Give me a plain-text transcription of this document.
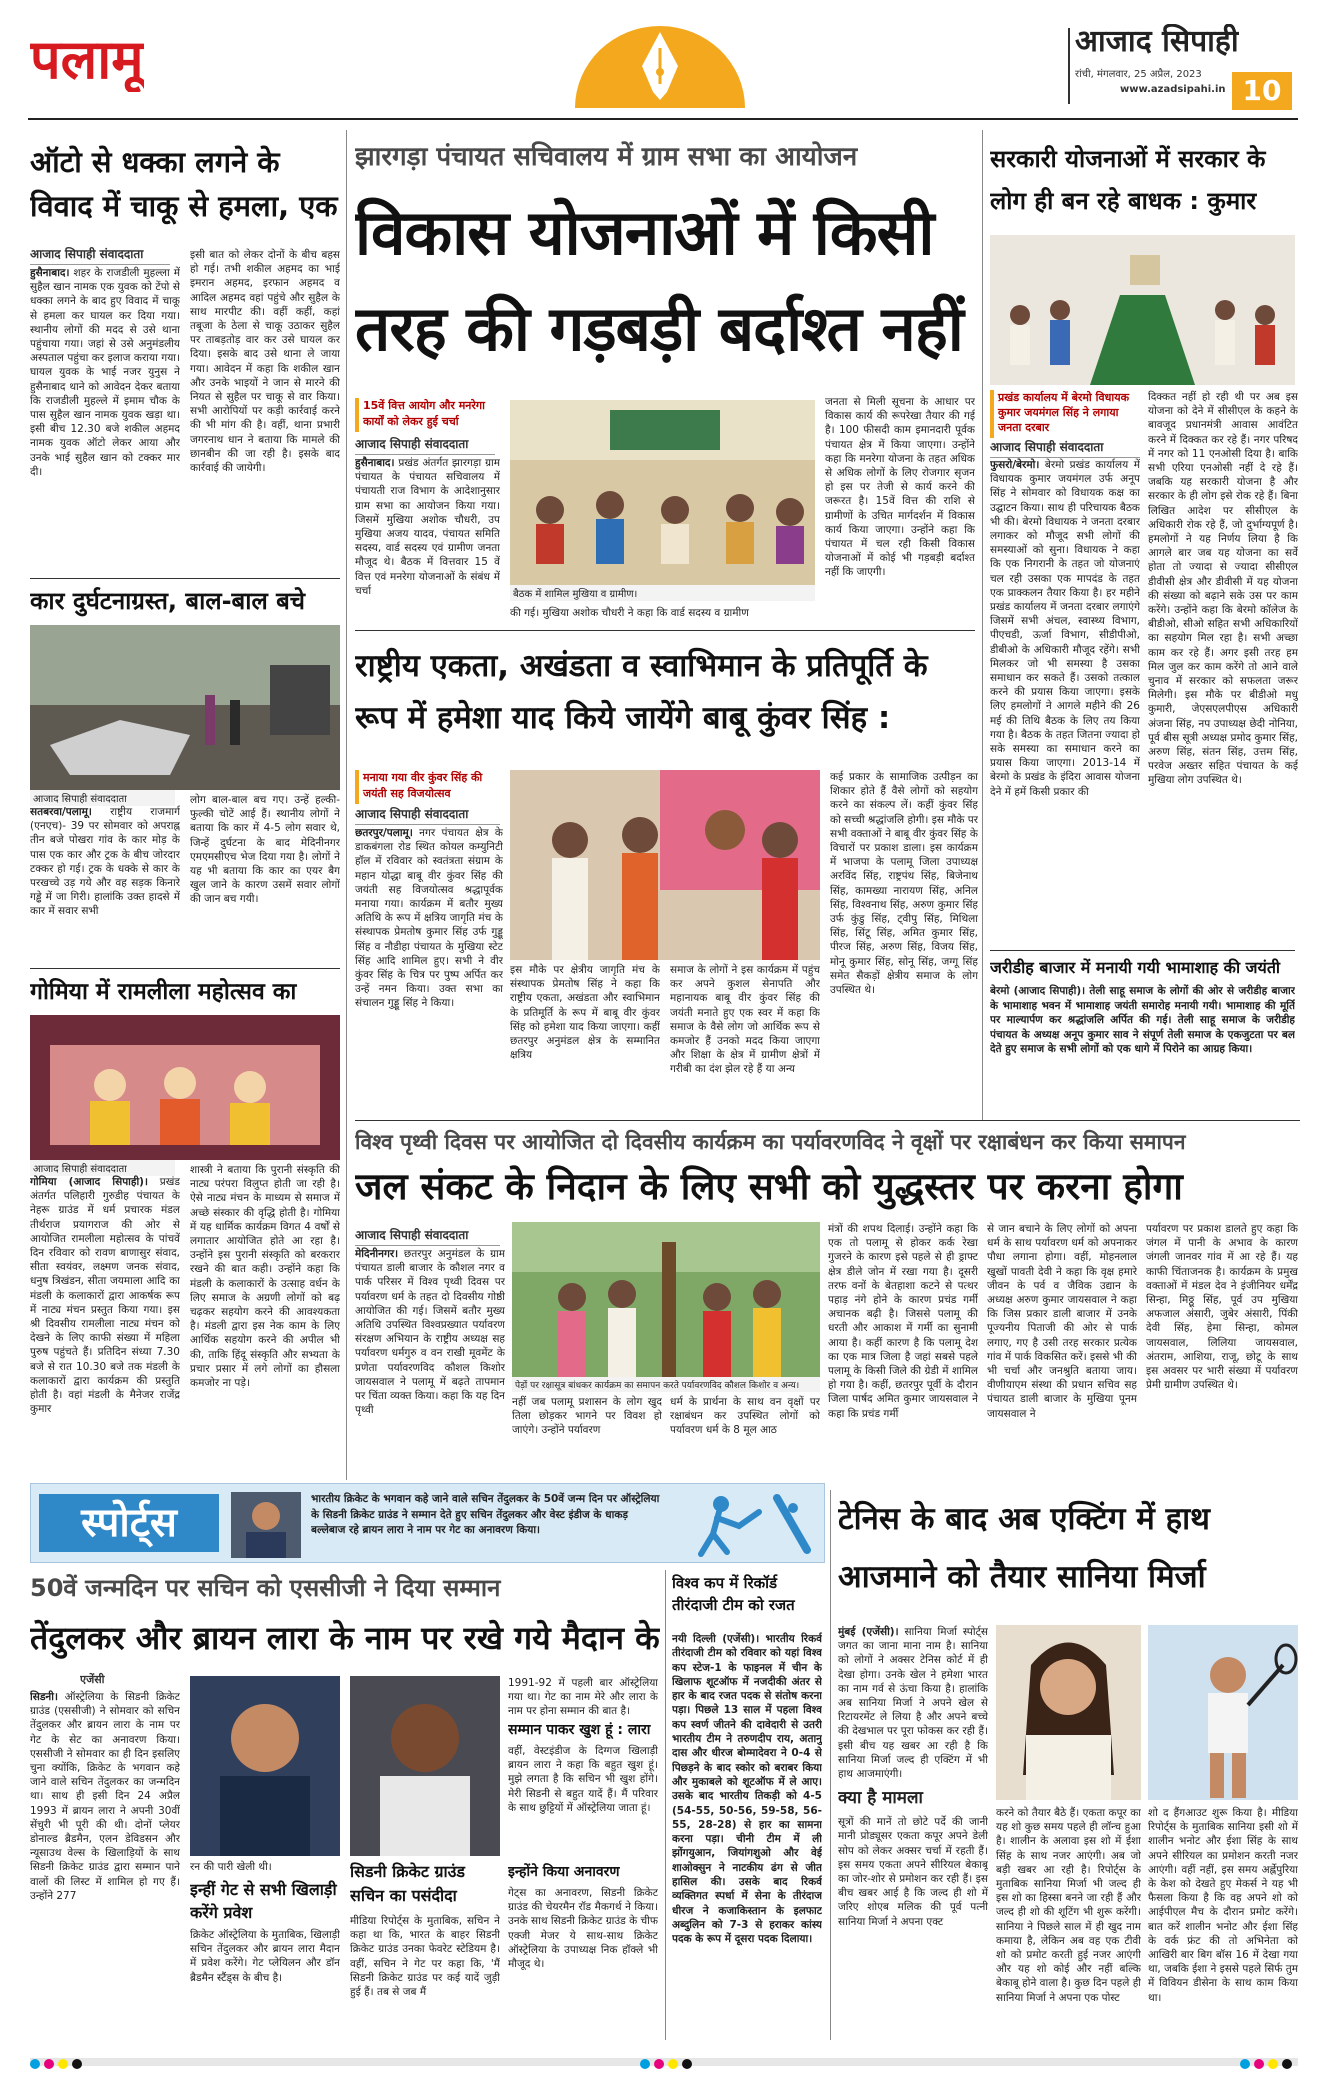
पलामू	आजाद सिपाही
रांची, मंगलवार, 25 अप्रैल, 2023
www.azadsipahi.in 10
ऑटो से धक्का लगने के विवाद में चाकू से हमला, एक
आजाद सिपाही संवाददाता
हुसैनाबाद। शहर के राजडीली मुहल्ला में सुहैल खान नामक एक युवक को टेंपो से धक्का लगने के बाद हुए विवाद में चाकू से हमला कर घायल कर दिया गया। स्थानीय लोगों की मदद से उसे थाना पहुंचाया गया। जहां से उसे अनुमंडलीय अस्पताल पहुंचा कर इलाज कराया गया। घायल युवक के भाई नजर युनुस ने हुसैनाबाद थाने को आवेदन देकर बताया कि राजडीली मुहल्ले में इमाम चौक के पास सुहैल खान नामक युवक खड़ा था। इसी बीच 12.30 बजे शकील अहमद नामक युवक ऑटो लेकर आया और उनके भाई सुहैल खान को टक्कर मार दी।
इसी बात को लेकर दोनों के बीच बहस हो गई। तभी शकील अहमद का भाई इमरान अहमद, इरफान अहमद व आदिल अहमद वहां पहुंचे और सुहैल के साथ मारपीट की। वहीं कहीं, कहां तबूजा के ठेला से चाकू उठाकर सुहैल पर ताबड़तोड़ वार कर उसे घायल कर दिया। इसके बाद उसे थाना ले जाया गया। आवेदन में कहा कि शकील खान और उनके भाइयों ने जान से मारने की नियत से सुहैल पर चाकू से वार किया। सभी आरोपियों पर कड़ी कार्रवाई करने की भी मांग की है। वहीं, थाना प्रभारी जगरनाथ धान ने बताया कि मामले की छानबीन की जा रही है। इसके बाद कार्रवाई की जायेगी।
कार दुर्घटनाग्रस्त, बाल-बाल बचे
आजाद सिपाही संवाददाता
सतबरवा/पलामू। राष्ट्रीय राजमार्ग (एनएच)- 39 पर सोमवार को अपराह्न तीन बजे पोखरा गांव के कार मोड़ के पास एक कार और ट्रक के बीच जोरदार टक्कर हो गई। ट्रक के धक्के से कार के परखच्चे उड़ गये और वह सड़क किनारे गड्ढे में जा गिरी। हालांकि उक्त हादसे में कार में सवार सभी
लोग बाल-बाल बच गए। उन्हें हल्की-फुल्की चोटें आई हैं। स्थानीय लोगों ने बताया कि कार में 4-5 लोग सवार थे, जिन्हें दुर्घटना के बाद मेदिनीनगर एमएमसीएच भेज दिया गया है। लोगों ने यह भी बताया कि कार का एयर बैग खुल जाने के कारण उसमें सवार लोगों की जान बच गयी।
गोमिया में रामलीला महोत्सव का
आजाद सिपाही संवाददाता
गोमिया (आजाद सिपाही)। प्रखंड अंतर्गत पलिहारी गुरुडीह पंचायत के नेहरू ग्राउंड में धर्म प्रचारक मंडल तीर्थराज प्रयागराज की ओर से आयोजित रामलीला महोत्सव के पांचवें दिन रविवार को रावण बाणासुर संवाद, सीता स्वयंवर, लक्ष्मण जनक संवाद, धनुष त्रिखंडन, सीता जयमाला आदि का मंडली के कलाकारों द्वारा आकर्षक रूप में नाट्य मंचन प्रस्तुत किया गया। इस श्री दिवसीय रामलीला नाट्य मंचन को देखने के लिए काफी संख्या में महिला पुरुष पहुंचते हैं। प्रतिदिन संध्या 7.30 बजे से रात 10.30 बजे तक मंडली के कलाकारों द्वारा कार्यक्रम की प्रस्तुति होती है। वहां मंडली के मैनेजर राजेंद्र कुमार
शास्त्री ने बताया कि पुरानी संस्कृति की नाट्य परंपरा विलुप्त होती जा रही है। ऐसे नाट्य मंचन के माध्यम से समाज में अच्छे संस्कार की वृद्धि होती है। गोमिया में यह धार्मिक कार्यक्रम विगत 4 वर्षों से लगातार आयोजित होते आ रहा है। उन्होंने इस पुरानी संस्कृति को बरकरार रखने की बात कही। उन्होंने कहा कि मंडली के कलाकारों के उत्साह वर्धन के लिए समाज के अग्रणी लोगों को बढ़ चढ़कर सहयोग करने की आवश्यकता है। मंडली द्वारा इस नेक काम के लिए आर्थिक सहयोग करने की अपील भी की, ताकि हिंदू संस्कृति और सभ्यता के प्रचार प्रसार में लगे लोगों का हौसला कमजोर ना पड़े।
झारगड़ा पंचायत सचिवालय में ग्राम सभा का आयोजन
विकास योजनाओं में किसी तरह की गड़बड़ी बर्दाश्त नहीं
15वें वित्त आयोग और मनरेगा कार्यों को लेकर हुई चर्चा
आजाद सिपाही संवाददाता
हुसैनाबाद। प्रखंड अंतर्गत झारगड़ा ग्राम पंचायत के पंचायत सचिवालय में पंचायती राज विभाग के आदेशानुसार ग्राम सभा का आयोजन किया गया। जिसमें मुखिया अशोक चौधरी, उप मुखिया अजय यादव, पंचायत समिति सदस्य, वार्ड सदस्य एवं ग्रामीण जनता मौजूद थे। बैठक में वित्तवार 15 वें वित्त एवं मनरेगा योजनाओं के संबंध में चर्चा	बैठक में शामिल मुखिया व ग्रामीण।
की गई। मुखिया अशोक चौधरी ने कहा कि वार्ड सदस्य व ग्रामीण
जनता से मिली सूचना के आधार पर विकास कार्य की रूपरेखा तैयार की गई है। 100 फीसदी काम इमानदारी पूर्वक पंचायत क्षेत्र में किया जाएगा। उन्होंने कहा कि मनरेगा योजना के तहत अधिक से अधिक लोगों के लिए रोजगार सृजन हो इस पर तेजी से कार्य करने की जरूरत है। 15वें वित्त की राशि से ग्रामीणों के उचित मार्गदर्शन में विकास कार्य किया जाएगा। उन्होंने कहा कि पंचायत में चल रही किसी विकास योजनाओं में कोई भी गड़बड़ी बर्दाश्त नहीं कि जाएगी।
राष्ट्रीय एकता, अखंडता व स्वाभिमान के प्रतिपूर्ति के रूप में हमेशा याद किये जायेंगे बाबू कुंवर सिंह :
मनाया गया वीर कुंवर सिंह की जयंती सह विजयोत्सव
आजाद सिपाही संवाददाता
छतरपुर/पलामू। नगर पंचायत क्षेत्र के डाकबंगला रोड स्थित कोयल कम्युनिटी हॉल में रविवार को स्वतंत्रता संग्राम के महान योद्धा बाबू वीर कुंवर सिंह की जयंती सह विजयोत्सव श्रद्धापूर्वक मनाया गया। कार्यक्रम में बतौर मुख्य अतिथि के रूप में क्षत्रिय जागृति मंच के संस्थापक प्रेमतोष कुमार सिंह उर्फ गुड्डू सिंह व नौडीहा पंचायत के मुखिया स्टेट सिंह आदि शामिल हुए। सभी ने वीर कुंवर सिंह के चित्र पर पुष्प अर्पित कर उन्हें नमन किया। उक्त सभा का संचालन गुड्डू सिंह ने किया।
इस मौके पर क्षेत्रीय जागृति मंच के संस्थापक प्रेमतोष सिंह ने कहा कि राष्ट्रीय एकता, अखंडता और स्वाभिमान के प्रतिमूर्ति के रूप में बाबू वीर कुंवर सिंह को हमेशा याद किया जाएगा। कहीं छतरपुर अनुमंडल क्षेत्र के सम्मानित क्षत्रिय
समाज के लोगों ने इस कार्यक्रम में पहुंच कर अपने कुशल सेनापति और महानायक बाबू वीर कुंवर सिंह की जयंती मनाते हुए एक स्वर में कहा कि समाज के वैसे लोग जो आर्थिक रूप से कमजोर हैं उनको मदद किया जाएगा और शिक्षा के क्षेत्र में ग्रामीण क्षेत्रों में गरीबी का दंश झेल रहे हैं या अन्य
कई प्रकार के सामाजिक उत्पीड़न का शिकार होते हैं वैसे लोगों को सहयोग करने का संकल्प लें। कहीं कुंवर सिंह को सच्ची श्रद्धांजलि होगी। इस मौके पर सभी वक्ताओं ने बाबू वीर कुंवर सिंह के विचारों पर प्रकाश डाला। इस कार्यक्रम में भाजपा के पलामू जिला उपाध्यक्ष अरविंद सिंह, राष्ट्रपंथ सिंह, बिजेनाथ सिंह, कामख्या नारायण सिंह, अनिल सिंह, विश्वनाथ सिंह, अरुण कुमार सिंह उर्फ कुंडु सिंह, ट्वीपु सिंह, मिथिला सिंह, सिंटू सिंह, अमित कुमार सिंह, पीरज सिंह, अरुण सिंह, विजय सिंह, मोनू कुमार सिंह, सोनू सिंह, जग्गू सिंह समेत सैकड़ों क्षेत्रीय समाज के लोग उपस्थित थे।
सरकारी योजनाओं में सरकार के लोग ही बन रहे बाधक : कुमार
प्रखंड कार्यालय में बेरमो विधायक कुमार जयमंगल सिंह ने लगाया जनता दरबार
आजाद सिपाही संवाददाता
फुसरो/बेरमो। बेरमो प्रखंड कार्यालय में विधायक कुमार जयमंगल उर्फ अनूप सिंह ने सोमवार को विधायक कक्ष का उद्घाटन किया। साथ ही परिचायक बैठक भी की। बेरमो विधायक ने जनता दरबार लगाकर को मौजूद सभी लोगों की समस्याओं को सुना। विधायक ने कहा कि एक निगरानी के तहत जो योजनाएं चल रही उसका एक मापदंड के तहत एक प्राक्कलन तैयार किया है। हर महीने प्रखंड कार्यालय में जनता दरबार लगाएंगे जिसमें सभी अंचल, स्वास्थ्य विभाग, पीएचडी, ऊर्जा विभाग, सीडीपीओ, डीबीओ के अधिकारी मौजूद रहेंगे। सभी मिलकर जो भी समस्या है उसका समाधान कर सकते हैं। उसको तत्काल करने की प्रयास किया जाएगा। इसके लिए हमलोगों ने आगले महीने की 26 मई की तिथि बैठक के लिए तय किया गया है। बैठक के तहत जितना ज्यादा हो सके समस्या का समाधान करने का प्रयास किया जाएगा। 2013-14 में बेरमो के प्रखंड के इंदिरा आवास योजना देने में हमें किसी प्रकार की
दिक्कत नहीं हो रही थी पर अब इस योजना को देने में सीसीएल के कहने के बावजूद प्रधानमंत्री आवास आवंटित करने में दिक्कत कर रहे हैं। नगर परिषद में नगर को 11 एनओसी दिया है। बाकि सभी एरिया एनओसी नहीं दे रहे हैं। जबकि यह सरकारी योजना है और सरकार के ही लोग इसे रोक रहे हैं। बिना लिखित आदेश पर सीसीएल के अधिकारी रोक रहे हैं, जो दुर्भाग्यपूर्ण है। हमलोगों ने यह निर्णय लिया है कि आगले बार जब यह योजना का सर्वे होता तो ज्यादा से ज्यादा सीसीएल डीवीसी क्षेत्र और डीवीसी में यह योजना की संख्या को बढ़ाने सके उस पर काम करेंगे। उन्होंने कहा कि बेरमो कॉलेज के बीडीओ, सीओ सहित सभी अधिकारियों का सहयोग मिल रहा है। सभी अच्छा काम कर रहे हैं। अगर इसी तरह हम मिल जुल कर काम करेंगे तो आने वाले चुनाव में सरकार को सफलता जरूर मिलेगी। इस मौके पर बीडीओ मधु कुमारी, जेएसएलपीएस अधिकारी अंजना सिंह, नप उपाध्यक्ष छेदी नोनिया, पूर्व बीस सूत्री अध्यक्ष प्रमोद कुमार सिंह, अरुण सिंह, संतन सिंह, उत्तम सिंह, परवेज अख्तर सहित पंचायत के कई मुखिया लोग उपस्थित थे।
जरीडीह बाजार में मनायी गयी भामाशाह की जयंती
बेरमो (आजाद सिपाही)। तेली साहू समाज के लोगों की ओर से जरीडीह बाजार के भामाशाह भवन में भामाशाह जयंती समारोह मनायी गयी। भामाशाह की मूर्ति पर माल्यार्पण कर श्रद्धांजलि अर्पित की गई। तेली साहू समाज के जरीडीह पंचायत के अध्यक्ष अनूप कुमार साव ने संपूर्ण तेली समाज के एकजुटता पर बल देते हुए समाज के सभी लोगों को एक धागे में पिरोने का आग्रह किया।
विश्व पृथ्वी दिवस पर आयोजित दो दिवसीय कार्यक्रम का पर्यावरणविद ने वृक्षों पर रक्षाबंधन कर किया समापन
जल संकट के निदान के लिए सभी को युद्धस्तर पर करना होगा
आजाद सिपाही संवाददाता
मेदिनीनगर। छतरपुर अनुमंडल के ग्राम पंचायत डाली बाजार के कौशल नगर व पार्क परिसर में विश्व पृथ्वी दिवस पर पर्यावरण धर्म के तहत दो दिवसीय गोष्ठी आयोजित की गई। जिसमें बतौर मुख्य अतिथि उपस्थित विश्वप्रख्यात पर्यावरण संरक्षण अभियान के राष्ट्रीय अध्यक्ष सह पर्यावरण धर्मगुरु व वन राखी मूवमेंट के प्रणेता पर्यावरणविद कौशल किशोर जायसवाल ने पलामू में बढ़ते तापमान पर चिंता व्यक्त किया। कहा कि यह दिन पृथ्वी
पेड़ों पर रक्षासूत्र बांधकर कार्यक्रम का समापन करते पर्यावरणविद कौशल किशोर व अन्य।
नहीं जब पलामू प्रशासन के लोग खुद तिला छोड़कर भागने पर विवश हो जाएंगे। उन्होंने पर्यावरण
धर्म के प्रार्थना के साथ वन वृक्षों पर रक्षाबंधन कर उपस्थित लोगों को पर्यावरण धर्म के 8 मूल आठ
मंत्रों की शपथ दिलाई। उन्होंने कहा कि एक तो पलामू से होकर कर्क रेखा गुजरने के कारण इसे पहले से ही ड्राफ्ट क्षेत्र डीले जोन में रखा गया है। दूसरी तरफ वनों के बेतहाशा कटने से पत्थर पहाड़ नंगे होने के कारण प्रचंड गर्मी अचानक बढ़ी है। जिससे पलामू की धरती और आकाश में गर्मी का सुनामी आया है। कहीं कारण है कि पलामू देश का एक मात्र जिला है जहां सबसे पहले पलामू के किसी जिले की ग्रेडी में शामिल हो गया है। कहीं, छतरपुर पूर्वी के दौरान जिला पार्षद अमित कुमार जायसवाल ने कहा कि प्रचंड गर्मी
से जान बचाने के लिए लोगों को अपना धर्म के साथ पर्यावरण धर्म को अपनाकर पौधा लगाना होगा। वहीं, मोहनलाल खुखों पावती देवी ने कहा कि वृक्ष हमारे जीवन के पर्व व जैविक उद्यान के अध्यक्ष अरुण कुमार जायसवाल ने कहा कि जिस प्रकार डाली बाजार में उनके पूज्यनीय पिताजी की ओर से पार्क लगाए, गए है उसी तरह सरकार प्रत्येक गांव में पार्क विकसित करें। इससे भी की भी चर्चा और जनश्रुति बताया जाय। वीणीयाएम संस्था की प्रधान सचिव सह पंचायत डाली बाजार के मुखिया पूनम जायसवाल ने
पर्यावरण पर प्रकाश डालते हुए कहा कि जंगल में पानी के अभाव के कारण जंगली जानवर गांव में आ रहे हैं। यह काफी चिंताजनक है। कार्यक्रम के प्रमुख वक्ताओं में मंडल देव ने इंजीनियर धर्मेंद्र सिन्हा, मिठ्ठू सिंह, पूर्व उप मुखिया अफजाल अंसारी, जुबेर अंसारी, पिंकी देवी सिंह, हेमा सिन्हा, कोमल जायसवाल, लिलिया जायसवाल, अंतराम, आशिया, राजू, छोटू के साथ इस अवसर पर भारी संख्या में पर्यावरण प्रेमी ग्रामीण उपस्थित थे।
स्पोर्ट्स
भारतीय क्रिकेट के भगवान कहे जाने वाले सचिन तेंदुलकर के 50वें जन्म दिन पर ऑस्ट्रेलिया के सिडनी क्रिकेट ग्राउंड ने सम्मान देते हुए सचिन तेंदुलकर और वेस्ट इंडीज के धाकड़ बल्लेबाज रहे ब्रायन लारा ने नाम पर गेट का अनावरण किया।
50वें जन्मदिन पर सचिन को एससीजी ने दिया सम्मान
तेंदुलकर और ब्रायन लारा के नाम पर रखे गये मैदान के
एजेंसी
सिडनी। ऑस्ट्रेलिया के सिडनी क्रिकेट ग्राउंड (एससीजी) ने सोमवार को सचिन तेंदुलकर और ब्रायन लारा के नाम पर गेट के सेट का अनावरण किया। एससीजी ने सोमवार का ही दिन इसलिए चुना क्योंकि, क्रिकेट के भगवान कहे जाने वाले सचिन तेंदुलकर का जन्मदिन था। साथ ही इसी दिन 24 अप्रैल 1993 में ब्रायन लारा ने अपनी 30वीं सेंचुरी भी पूरी की थी। दोनों प्लेयर डोनाल्ड ब्रैडमैन, एलन डेविडसन और न्यूसाउथ वेल्स के खिलाड़ियों के साथ सिडनी क्रिकेट ग्राउंड द्वारा सम्मान पाने वालों की लिस्ट में शामिल हो गए हैं। उन्होंने 277
रन की पारी खेली थी।
इन्हीं गेट से सभी खिलाड़ी करेंगे प्रवेश
क्रिकेट ऑस्ट्रेलिया के मुताबिक, खिलाड़ी सचिन तेंदुलकर और ब्रायन लारा मैदान में प्रवेश करेंगे। गेट प्लेयिलन और डॉन ब्रैडमैन स्टैंड्स के बीच है।
सिडनी क्रिकेट ग्राउंड सचिन का पसंदीदा
मीडिया रिपोर्ट्स के मुताबिक, सचिन ने कहा था कि, भारत के बाहर सिडनी क्रिकेट ग्राउंड उनका फेवरेट स्टेडियम है। वहीं, सचिन ने गेट पर कहा कि, 'मैं सिडनी क्रिकेट ग्राउंड पर कई यादें जुड़ी हुई हैं। तब से जब मैं
1991-92 में पहली बार ऑस्ट्रेलिया गया था। गेट का नाम मेरे और लारा के नाम पर होना सम्मान की बात है।
सम्मान पाकर खुश हूं : लारा
वहीं, वेस्टइंडीज के दिग्गज खिलाड़ी ब्रायन लारा ने कहा कि बहुत खुश हूं। मुझे लगता है कि सचिन भी खुश होंगे। मेरी सिडनी से बहुत यादें हैं। मैं परिवार के साथ छुट्टियों में ऑस्ट्रेलिया जाता हूं।
इन्होंने किया अनावरण
गेट्स का अनावरण, सिडनी क्रिकेट ग्राउंड की चेयरमैन रॉड मैकगर्थ ने किया। उनके साथ सिडनी क्रिकेट ग्राउंड के चीफ एक्जी मेजर ये साथ-साथ क्रिकेट ऑस्ट्रेलिया के उपाध्यक्ष निक हॉक्ले भी मौजूद थे।
विश्व कप में रिकॉर्ड तीरंदाजी टीम को रजत
नयी दिल्ली (एजेंसी)। भारतीय रिकर्व तीरंदाजी टीम को रविवार को यहां विश्व कप स्टेज-1 के फाइनल में चीन के खिलाफ शूटऑफ में नजदीकी अंतर से हार के बाद रजत पदक से संतोष करना पड़ा। पिछले 13 साल में पहला विश्व कप स्वर्ण जीतने की दावेदारी से उतरी भारतीय टीम ने तरुणदीप राय, अतानु दास और धीरज बोम्मादेवरा ने 0-4 से पिछड़ने के बाद स्कोर को बराबर किया और मुकाबले को शूटऑफ में ले आए। उसके बाद भारतीय तिकड़ी को 4-5 (54-55, 50-56, 59-58, 56-55, 28-28) से हार का सामना करना पड़ा। चीनी टीम में ली झोंगयुआन, जियांगशुओ और वेई शाओक्सुन ने नाटकीय ढंग से जीत हासिल की। उसके बाद रिकर्व व्यक्तिगत स्पर्धा में सेना के तीरंदाज धीरज ने कजाकिस्तान के इलफाट अब्दुलिन को 7-3 से हराकर कांस्य पदक के रूप में दूसरा पदक दिलाया।
टेनिस के बाद अब एक्टिंग में हाथ आजमाने को तैयार सानिया मिर्जा
मुंबई (एजेंसी)। सानिया मिर्जा स्पोर्ट्स जगत का जाना माना नाम है। सानिया को लोगों ने अक्सर टेनिस कोर्ट में ही देखा होगा। उनके खेल ने हमेशा भारत का नाम गर्व से ऊंचा किया है। हालांकि अब सानिया मिर्जा ने अपने खेल से रिटायरमेंट ले लिया है और अपने बच्चे की देखभाल पर पूरा फोकस कर रही हैं। इसी बीच यह खबर आ रही है कि सानिया मिर्जा जल्द ही एक्टिंग में भी हाथ आजमाएंगी।
क्या है मामला
सूत्रों की मानें तो छोटे पर्दे की जानी मानी प्रोड्यूसर एकता कपूर अपने डेली सोप को लेकर अक्सर चर्चा में रहती हैं। इस समय एकता अपने सीरियल बेकाबू का जोर-शोर से प्रमोशन कर रही हैं। इस बीच खबर आई है कि जल्द ही शो में जरिए शोएब मलिक की पूर्व पत्नी सानिया मिर्जा ने अपना एक्ट
करने को तैयार बैठे हैं। एकता कपूर का यह शो कुछ समय पहले ही लॉन्च हुआ है। शालीन के अलावा इस शो में ईशा सिंह के साथ नजर आएंगी। अब जो बड़ी खबर आ रही है। रिपोर्ट्स के मुताबिक सानिया मिर्जा भी जल्द ही इस शो का हिस्सा बनने जा रही हैं और जल्द ही शो की शूटिंग भी शुरू करेंगी। सानिया ने पिछले साल में ही खुद नाम कमाया है, लेकिन अब वह एक टीवी शो को प्रमोट करती हुई नजर आएंगी और यह शो कोई और नहीं बल्कि बेकाबू होने वाला है। कुछ दिन पहले ही सानिया मिर्जा ने अपना एक पोस्ट
शो द हैंगआउट शुरू किया है। मीडिया रिपोर्ट्स के मुताबिक सानिया इसी शो में शालीन भनोट और ईशा सिंह के साथ अपने सीरियल का प्रमोशन करती नजर आएंगी। वहीं नहीं, इस समय अर्ह्नेपुरिया के केश को देखते हुए मेकर्स ने यह भी फैसला किया है कि वह अपने शो को आईपीएल मैच के दौरान प्रमोट करेंगे। बात करें शालीन भनोट और ईशा सिंह के वर्क फ्रंट की तो अभिनेता को आखिरी बार बिग बॉस 16 में देखा गया था, जबकि ईशा ने इससे पहले सिर्फ तुम में विवियन डीसेना के साथ काम किया था।
